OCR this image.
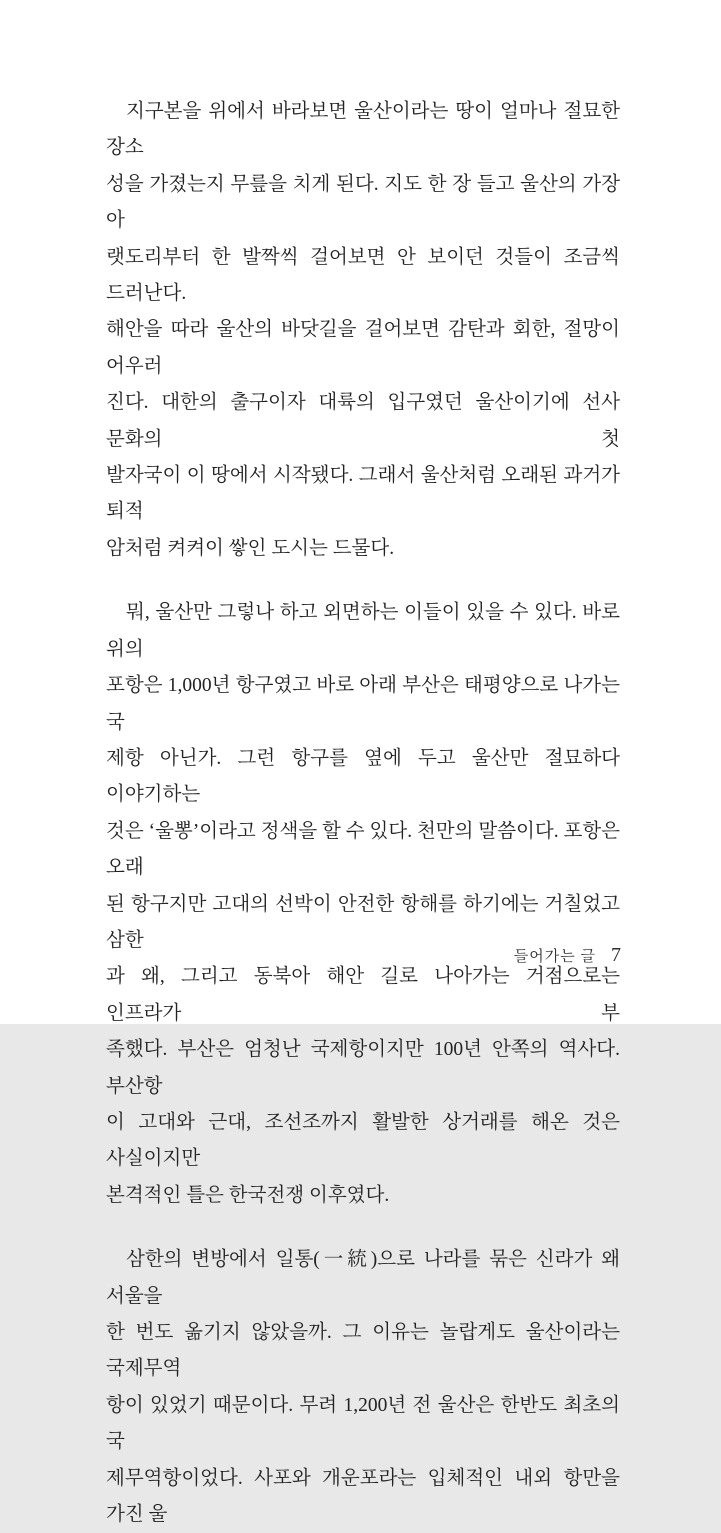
지구본을 위에서 바라보면 울산이라는 땅이 얼마나 절묘한 장소
성을 가졌는지 무릎을 치게 된다. 지도 한 장 들고 울산의 가장 아
랫도리부터 한 발짝씩 걸어보면 안 보이던 것들이 조금씩 드러난다.
해안을 따라 울산의 바닷길을 걸어보면 감탄과 회한, 절망이 어우러
진다. 대한의 출구이자 대륙의 입구였던 울산이기에 선사 문화의 첫
발자국이 이 땅에서 시작됐다. 그래서 울산처럼 오래된 과거가 퇴적
암처럼 켜켜이 쌓인 도시는 드물다.
뭐, 울산만 그렇나 하고 외면하는 이들이 있을 수 있다. 바로 위의
포항은 1,000년 항구였고 바로 아래 부산은 태평양으로 나가는 국
제항 아닌가. 그런 항구를 옆에 두고 울산만 절묘하다 이야기하는
것은 ‘울뽕’이라고 정색을 할 수 있다. 천만의 말씀이다. 포항은 오래
된 항구지만 고대의 선박이 안전한 항해를 하기에는 거칠었고 삼한
과 왜, 그리고 동북아 해안 길로 나아가는 거점으로는 인프라가 부
족했다. 부산은 엄청난 국제항이지만 100년 안쪽의 역사다. 부산항
이 고대와 근대, 조선조까지 활발한 상거래를 해온 것은 사실이지만
본격적인 틀은 한국전쟁 이후였다.
삼한의 변방에서 일통(一統)으로 나라를 묶은 신라가 왜 서울을
한 번도 옮기지 않았을까. 그 이유는 놀랍게도 울산이라는 국제무역
항이 있었기 때문이다. 무려 1,200년 전 울산은 한반도 최초의 국
제무역항이었다. 사포와 개운포라는 입체적인 내외 항만을 가진 울
들어가는 글 7
